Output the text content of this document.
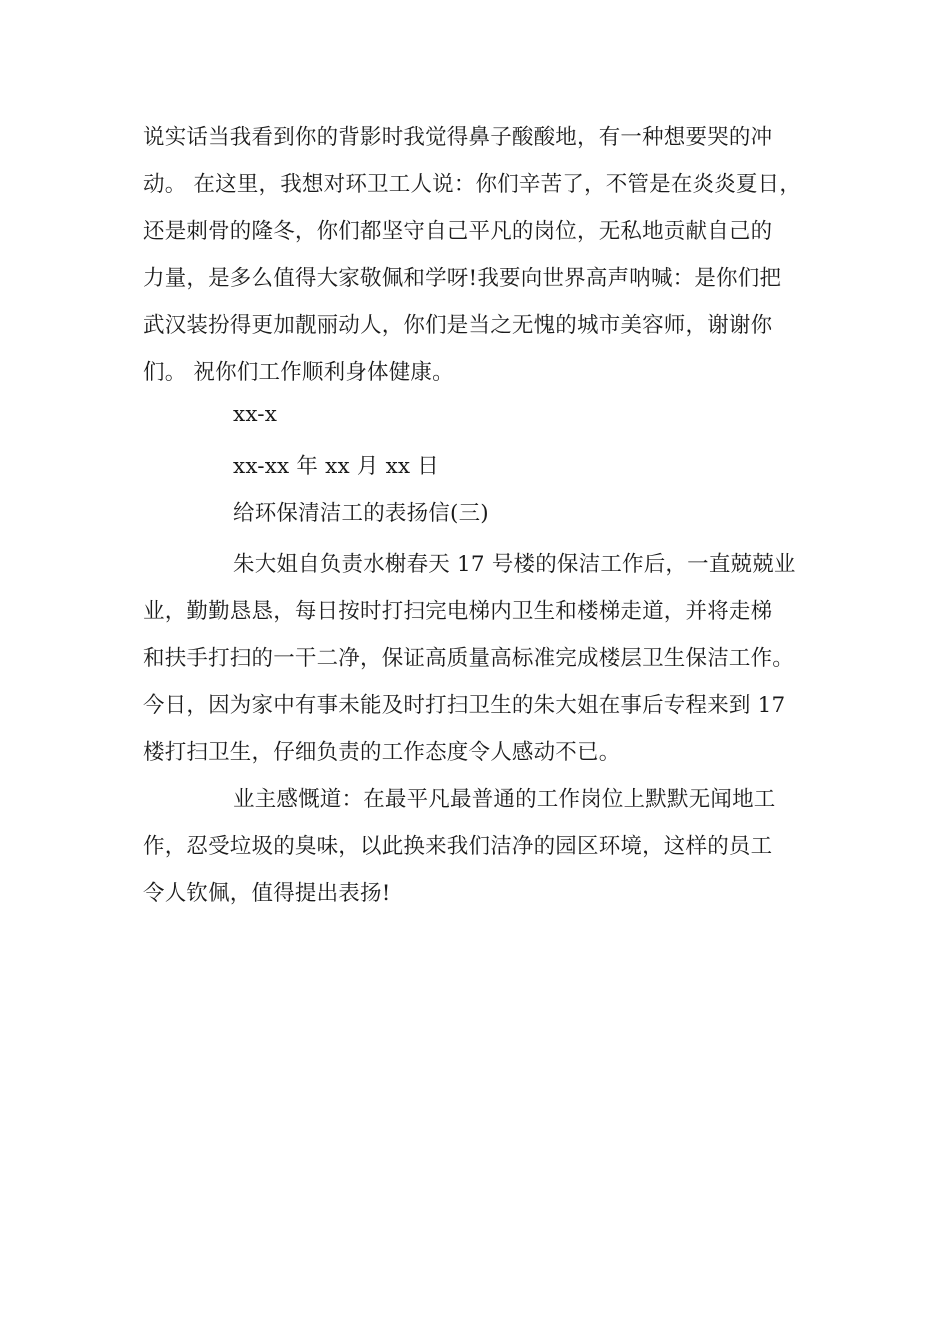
说实话当我看到你的背影时我觉得鼻子酸酸地，有一种想要哭的冲
动。 在这里，我想对环卫工人说：你们辛苦了，不管是在炎炎夏日，
还是刺骨的隆冬，你们都坚守自己平凡的岗位，无私地贡献自己的
力量，是多么值得大家敬佩和学呀!我要向世界高声呐喊：是你们把
武汉装扮得更加靓丽动人，你们是当之无愧的城市美容师，谢谢你
们。 祝你们工作顺利身体健康。
xx-x
xx-xx 年 xx 月 xx 日
给环保清洁工的表扬信(三)
朱大姐自负责水榭春天 17 号楼的保洁工作后，一直兢兢业
业，勤勤恳恳，每日按时打扫完电梯内卫生和楼梯走道，并将走梯
和扶手打扫的一干二净，保证高质量高标准完成楼层卫生保洁工作。
今日，因为家中有事未能及时打扫卫生的朱大姐在事后专程来到 17
楼打扫卫生，仔细负责的工作态度令人感动不已。
业主感慨道：在最平凡最普通的工作岗位上默默无闻地工
作，忍受垃圾的臭味，以此换来我们洁净的园区环境，这样的员工
令人钦佩，值得提出表扬!
